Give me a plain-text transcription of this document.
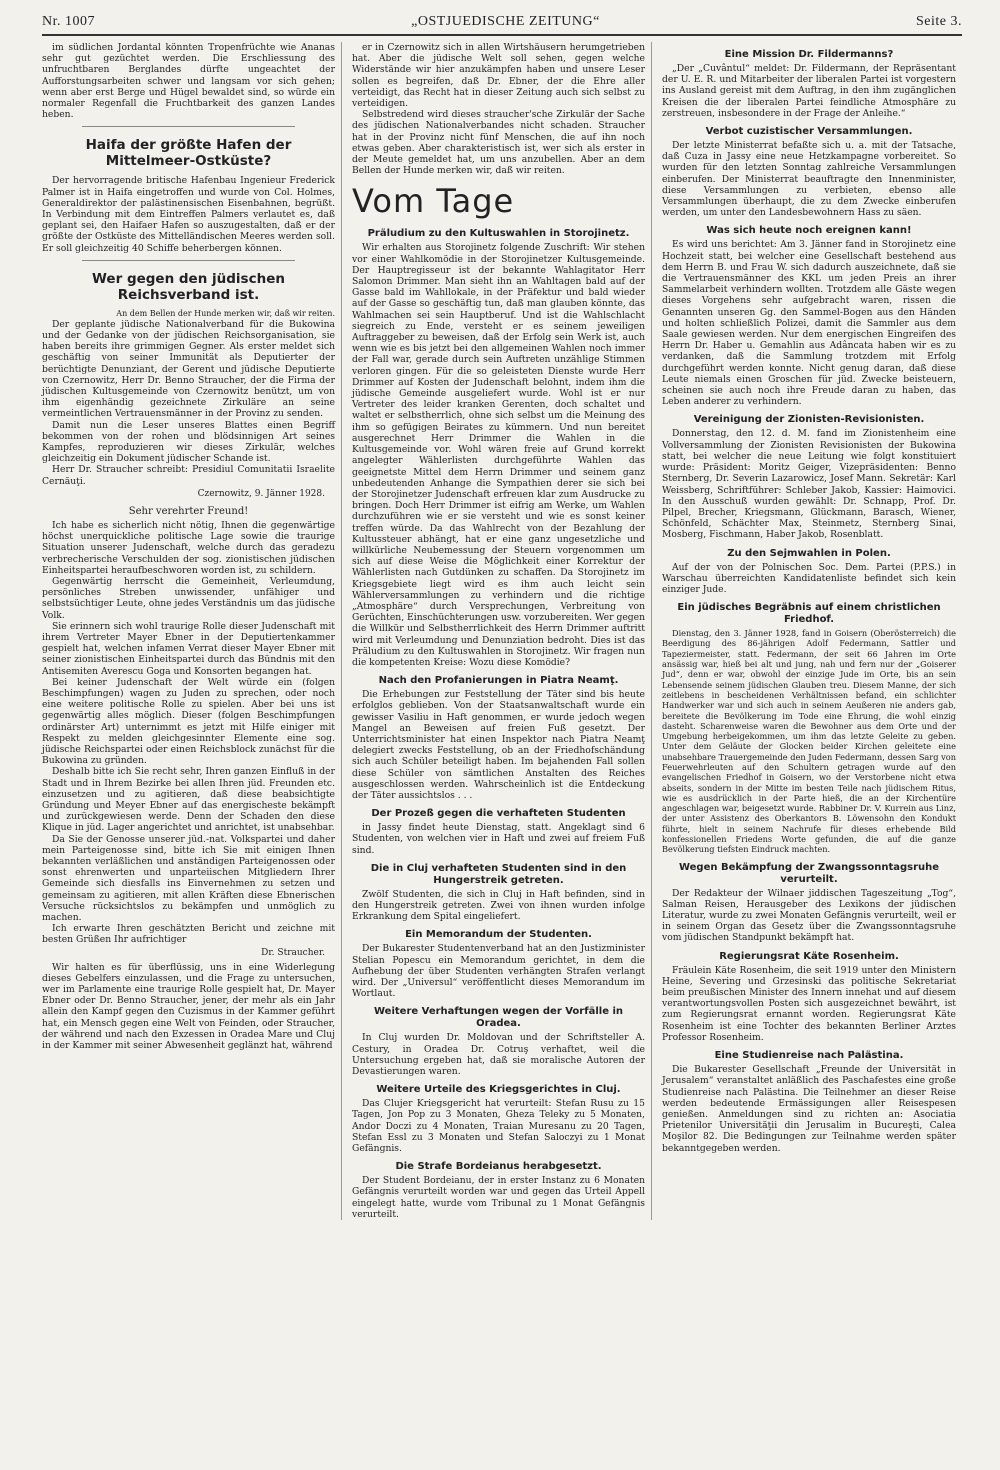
Nr. 1007	„OSTJUEDISCHE ZEITUNG“	Seite 3.

im südlichen Jordantal könnten Tropenfrüchte wie Ananas sehr gut gezüchtet werden. Die Erschliessung des unfruchtbaren Berglandes dürfte ungeachtet der Aufforstungsarbeiten schwer und langsam vor sich gehen; wenn aber erst Berge und Hügel bewaldet sind, so würde ein normaler Regenfall die Fruchtbarkeit des ganzen Landes heben.

Haifa der größte Hafen der Mittelmeer-Ostküste?

Der hervorragende britische Hafenbau Ingenieur Frederick Palmer ist in Haifa eingetroffen und wurde von Col. Holmes, Generaldirektor der palästinensischen Eisenbahnen, begrüßt. In Verbindung mit dem Eintreffen Palmers verlautet es, daß geplant sei, den Haifaer Hafen so auszugestalten, daß er der größte der Ostküste des Mittelländischen Meeres werden soll. Er soll gleichzeitig 40 Schiffe beherbergen können.

Wer gegen den jüdischen Reichsverband ist.
An dem Bellen der Hunde merken wir, daß wir reiten.

Der geplante jüdische Nationalverband für die Bukowina und der Gedanke von der jüdischen Reichsorganisation, sie haben bereits ihre grimmigen Gegner. Als erster meldet sich geschäftig von seiner Immunität als Deputierter der berüchtigte Denunziant, der Gerent und jüdische Deputierte von Czernowitz, Herr Dr. Benno Straucher, der die Firma der jüdischen Kultusgemeinde von Czernowitz benützt, um von ihm eigenhändig gezeichnete Zirkuläre an seine vermeintlichen Vertrauensmänner in der Provinz zu senden.

Damit nun die Leser unseres Blattes einen Begriff bekommen von der rohen und blödsinnigen Art seines Kampfes, reproduzieren wir dieses Zirkulär, welches gleichzeitig ein Dokument jüdischer Schande ist.

Herr Dr. Straucher schreibt: Presidiul Comunitatii Israelite Cernăuţi.

Czernowitz, 9. Jänner 1928.
Sehr verehrter Freund!

Ich habe es sicherlich nicht nötig, Ihnen die gegenwärtige höchst unerquickliche politische Lage sowie die traurige Situation unserer Judenschaft, welche durch das geradezu verbrecherische Verschulden der sog. zionistischen jüdischen Einheitspartei heraufbeschworen worden ist, zu schildern.

Gegenwärtig herrscht die Gemeinheit, Verleumdung, persönliches Streben unwissender, unfähiger und selbstsüchtiger Leute, ohne jedes Verständnis um das jüdische Volk.

Sie erinnern sich wohl traurige Rolle dieser Judenschaft mit ihrem Vertreter Mayer Ebner in der Deputiertenkammer gespielt hat, welchen infamen Verrat dieser Mayer Ebner mit seiner zionistischen Einheitspartei durch das Bündnis mit den Antisemiten Averescu Goga und Konsorten begangen hat.

Bei keiner Judenschaft der Welt würde ein (folgen Beschimpfungen) wagen zu Juden zu sprechen, oder noch eine weitere politische Rolle zu spielen. Aber bei uns ist gegenwärtig alles möglich. Dieser (folgen Beschimpfungen ordinärster Art) unternimmt es jetzt mit Hilfe einiger mit Respekt zu melden gleichgesinnter Elemente eine sog. jüdische Reichspartei oder einen Reichsblock zunächst für die Bukowina zu gründen.

Deshalb bitte ich Sie recht sehr, Ihren ganzen Einfluß in der Stadt und in Ihrem Bezirke bei allen Ihren jüd. Freunden etc. einzusetzen und zu agitieren, daß diese beabsichtigte Gründung und Meyer Ebner auf das energischeste bekämpft und zurückgewiesen werde. Denn der Schaden den diese Klique in jüd. Lager angerichtet und anrichtet, ist unabsehbar.

Da Sie der Genosse unserer jüd.-nat. Volkspartei und daher mein Parteigenosse sind, bitte ich Sie mit einigen Ihnen bekannten verläßlichen und anständigen Parteigenossen oder sonst ehrenwerten und unparteiischen Mitgliedern Ihrer Gemeinde sich diesfalls ins Einvernehmen zu setzen und gemeinsam zu agitieren, mit allen Kräften diese Ebnerischen Versuche rücksichtslos zu bekämpfen und unmöglich zu machen.

Ich erwarte Ihren geschätzten Bericht und zeichne mit besten Grüßen Ihr aufrichtiger

Dr. Straucher.

Wir halten es für überflüssig, uns in eine Widerlegung dieses Gebelfers einzulassen, und die Frage zu untersuchen, wer im Parlamente eine traurige Rolle gespielt hat, Dr. Mayer Ebner oder Dr. Benno Straucher, jener, der mehr als ein Jahr allein den Kampf gegen den Cuzismus in der Kammer geführt hat, ein Mensch gegen eine Welt von Feinden, oder Straucher, der während und nach den Exzessen in Oradea Mare und Cluj in der Kammer mit seiner Abwesenheit geglänzt hat, während

er in Czernowitz sich in allen Wirtshäusern herumgetrieben hat. Aber die jüdische Welt soll sehen, gegen welche Widerstände wir hier anzukämpfen haben und unsere Leser sollen es begreifen, daß Dr. Ebner, der die Ehre aller verteidigt, das Recht hat in dieser Zeitung auch sich selbst zu verteidigen.

Selbstredend wird dieses straucher'sche Zirkulär der Sache des jüdischen Nationalverbandes nicht schaden. Straucher hat in der Provinz nicht fünf Menschen, die auf ihn noch etwas geben. Aber charakteristisch ist, wer sich als erster in der Meute gemeldet hat, um uns anzubellen. Aber an dem Bellen der Hunde merken wir, daß wir reiten.

Vom Tage
Präludium zu den Kultuswahlen in Storojinetz.

Wir erhalten aus Storojinetz folgende Zuschrift: Wir stehen vor einer Wahlkomödie in der Storojinetzer Kultusgemeinde. Der Hauptregisseur ist der bekannte Wahlagitator Herr Salomon Drimmer. Man sieht ihn an Wahltagen bald auf der Gasse bald im Wahllokale, in der Präfektur und bald wieder auf der Gasse so geschäftig tun, daß man glauben könnte, das Wahlmachen sei sein Hauptberuf. Und ist die Wahlschlacht siegreich zu Ende, versteht er es seinem jeweiligen Auftraggeber zu beweisen, daß der Erfolg sein Werk ist, auch wenn wie es bis jetzt bei den allgemeinen Wahlen noch immer der Fall war, gerade durch sein Auftreten unzählige Stimmen verloren gingen. Für die so geleisteten Dienste wurde Herr Drimmer auf Kosten der Judenschaft belohnt, indem ihm die jüdische Gemeinde ausgeliefert wurde. Wohl ist er nur Vertreter des leider kranken Gerenten, doch schaltet und waltet er selbstherrlich, ohne sich selbst um die Meinung des ihm so gefügigen Beirates zu kümmern. Und nun bereitet ausgerechnet Herr Drimmer die Wahlen in die Kultusgemeinde vor. Wohl wären freie auf Grund korrekt angelegter Wählerlisten durchgeführte Wahlen das geeignetste Mittel dem Herrn Drimmer und seinem ganz unbedeutenden Anhange die Sympathien derer sie sich bei der Storojinetzer Judenschaft erfreuen klar zum Ausdrucke zu bringen. Doch Herr Drimmer ist eifrig am Werke, um Wahlen durchzuführen wie er sie versteht und wie es sonst keiner treffen würde. Da das Wahlrecht von der Bezahlung der Kultussteuer abhängt, hat er eine ganz ungesetzliche und willkürliche Neubemessung der Steuern vorgenommen um sich auf diese Weise die Möglichkeit einer Korrektur der Wählerlisten nach Gutdünken zu schaffen. Da Storojinetz im Kriegsgebiete liegt wird es ihm auch leicht sein Wählerversammlungen zu verhindern und die richtige „Atmosphäre“ durch Versprechungen, Verbreitung von Gerüchten, Einschüchterungen usw. vorzubereiten. Wer gegen die Willkür und Selbstherrlichkeit des Herrn Drimmer auftritt wird mit Verleumdung und Denunziation bedroht. Dies ist das Präludium zu den Kultuswahlen in Storojinetz. Wir fragen nun die kompetenten Kreise: Wozu diese Komödie?

Nach den Profanierungen in Piatra Neamţ.

Die Erhebungen zur Feststellung der Täter sind bis heute erfolglos geblieben. Von der Staatsanwaltschaft wurde ein gewisser Vasiliu in Haft genommen, er wurde jedoch wegen Mangel an Beweisen auf freien Fuß gesetzt. Der Unterrichtsminister hat einen Inspektor nach Piatra Neamţ delegiert zwecks Feststellung, ob an der Friedhofschändung sich auch Schüler beteiligt haben. Im bejahenden Fall sollen diese Schüler von sämtlichen Anstalten des Reiches ausgeschlossen werden. Wahrscheinlich ist die Entdeckung der Täter aussichtslos . . .

Der Prozeß gegen die verhafteten Studenten

in Jassy findet heute Dienstag, statt. Angeklagt sind 6 Studenten, von welchen vier in Haft und zwei auf freiem Fuß sind.

Die in Cluj verhafteten Studenten sind in den Hungerstreik getreten.

Zwölf Studenten, die sich in Cluj in Haft befinden, sind in den Hungerstreik getreten. Zwei von ihnen wurden infolge Erkrankung dem Spital eingeliefert.

Ein Memorandum der Studenten.

Der Bukarester Studentenverband hat an den Justizminister Stelian Popescu ein Memorandum gerichtet, in dem die Aufhebung der über Studenten verhängten Strafen verlangt wird. Der „Universul“ veröffentlicht dieses Memorandum im Wortlaut.

Weitere Verhaftungen wegen der Vorfälle in Oradea.

In Cluj wurden Dr. Moldovan und der Schriftsteller A. Cestury, in Oradea Dr. Cotruş verhaftet, weil die Untersuchung ergeben hat, daß sie moralische Autoren der Devastierungen waren.

Weitere Urteile des Kriegsgerichtes in Cluj.

Das Clujer Kriegsgericht hat verurteilt: Stefan Rusu zu 15 Tagen, Jon Pop zu 3 Monaten, Gheza Teleky zu 5 Monaten, Andor Doczi zu 4 Monaten, Traian Muresanu zu 20 Tagen, Stefan Essl zu 3 Monaten und Stefan Saloczyi zu 1 Monat Gefängnis.

Die Strafe Bordeianus herabgesetzt.

Der Student Bordeianu, der in erster Instanz zu 6 Monaten Gefängnis verurteilt worden war und gegen das Urteil Appell eingelegt hatte, wurde vom Tribunal zu 1 Monat Gefängnis verurteilt.

Eine Mission Dr. Fildermanns?

„Der „Cuvântul“ meldet: Dr. Fildermann, der Repräsentant der U. E. R. und Mitarbeiter der liberalen Partei ist vorgestern ins Ausland gereist mit dem Auftrag, in den ihm zugänglichen Kreisen die der liberalen Partei feindliche Atmosphäre zu zerstreuen, insbesondere in der Frage der Anleihe.“

Verbot cuzistischer Versammlungen.

Der letzte Ministerrat befaßte sich u. a. mit der Tatsache, daß Cuza in Jassy eine neue Hetzkampagne vorbereitet. So wurden für den letzten Sonntag zahlreiche Versammlungen einberufen. Der Ministerrat beauftragte den Innenminister, diese Versammlungen zu verbieten, ebenso alle Versammlungen überhaupt, die zu dem Zwecke einberufen werden, um unter den Landesbewohnern Hass zu säen.

Was sich heute noch ereignen kann!

Es wird uns berichtet: Am 3. Jänner fand in Storojinetz eine Hochzeit statt, bei welcher eine Gesellschaft bestehend aus dem Herrn B. und Frau W. sich dadurch auszeichnete, daß sie die Vertrauensmänner des KKL um jeden Preis an ihrer Sammelarbeit verhindern wollten. Trotzdem alle Gäste wegen dieses Vorgehens sehr aufgebracht waren, rissen die Genannten unseren Gg. den Sammel-Bogen aus den Händen und holten schließlich Polizei, damit die Sammler aus dem Saale gewiesen werden. Nur dem energischen Eingreifen des Herrn Dr. Haber u. Gemahlin aus Adâncata haben wir es zu verdanken, daß die Sammlung trotzdem mit Erfolg durchgeführt werden konnte. Nicht genug daran, daß diese Leute niemals einen Groschen für jüd. Zwecke beisteuern, scheinen sie auch noch ihre Freude daran zu haben, das Leben anderer zu verhindern.

Vereinigung der Zionisten-Revisionisten.

Donnerstag, den 12. d. M. fand im Zionistenheim eine Vollversammlung der Zionisten Revisionisten der Bukowina statt, bei welcher die neue Leitung wie folgt konstituiert wurde: Präsident: Moritz Geiger, Vizepräsidenten: Benno Sternberg, Dr. Severin Lazarowicz, Josef Mann. Sekretär: Karl Weissberg, Schriftführer: Schleber Jakob, Kassier: Haimovici. In den Ausschuß wurden gewählt: Dr. Schnapp, Prof. Dr. Pilpel, Brecher, Kriegsmann, Glückmann, Barasch, Wiener, Schönfeld, Schächter Max, Steinmetz, Sternberg Sinai, Mosberg, Fischmann, Haber Jakob, Rosenblatt.

Zu den Sejmwahlen in Polen.

Auf der von der Polnischen Soc. Dem. Partei (P.P.S.) in Warschau überreichten Kandidatenliste befindet sich kein einziger Jude.

Ein jüdisches Begräbnis auf einem christlichen Friedhof.

Dienstag, den 3. Jänner 1928, fand in Goisern (Oberösterreich) die Beerdigung des 86-jährigen Adolf Federmann, Sattler und Tapeziermeister, statt. Federmann, der seit 66 Jahren im Orte ansässig war, hieß bei alt und jung, nah und fern nur der „Goiserer Jud“, denn er war, obwohl der einzige Jude im Orte, bis an sein Lebensende seinem jüdischen Glauben treu. Diesem Manne, der sich zeitlebens in bescheidenen Verhältnissen befand, ein schlichter Handwerker war und sich auch in seinem Aeußeren nie anders gab, bereitete die Bevölkerung im Tode eine Ehrung, die wohl einzig dasteht. Scharenweise waren die Bewohner aus dem Orte und der Umgebung herbeigekommen, um ihm das letzte Geleite zu geben. Unter dem Geläute der Glocken beider Kirchen geleitete eine unabsehbare Trauergemeinde den Juden Federmann, dessen Sarg von Feuerwehrleuten auf den Schultern getragen wurde auf den evangelischen Friedhof in Goisern, wo der Verstorbene nicht etwa abseits, sondern in der Mitte im besten Teile nach jüdischem Ritus, wie es ausdrücklich in der Parte hieß, die an der Kirchentüre angeschlagen war, beigesetzt wurde. Rabbiner Dr. V. Kurrein aus Linz, der unter Assistenz des Oberkantors B. Löwensohn den Kondukt führte, hielt in seinem Nachrufe für dieses erhebende Bild konfessionellen Friedens Worte gefunden, die auf die ganze Bevölkerung tiefsten Eindruck machten.

Wegen Bekämpfung der Zwangssonntagsruhe verurteilt.

Der Redakteur der Wilnaer jiddischen Tageszeitung „Tog“, Salman Reisen, Herausgeber des Lexikons der jüdischen Literatur, wurde zu zwei Monaten Gefängnis verurteilt, weil er in seinem Organ das Gesetz über die Zwangssonntagsruhe vom jüdischen Standpunkt bekämpft hat.

Regierungsrat Käte Rosenheim.

Fräulein Käte Rosenheim, die seit 1919 unter den Ministern Heine, Severing und Grzesinski das politische Sekretariat beim preußischen Minister des Innern innehat und auf diesem verantwortungsvollen Posten sich ausgezeichnet bewährt, ist zum Regierungsrat ernannt worden. Regierungsrat Käte Rosenheim ist eine Tochter des bekannten Berliner Arztes Professor Rosenheim.

Eine Studienreise nach Palästina.

Die Bukarester Gesellschaft „Freunde der Universität in Jerusalem“ veranstaltet anläßlich des Paschafestes eine große Studienreise nach Palästina. Die Teilnehmer an dieser Reise werden bedeutende Ermässigungen aller Reisespesen genießen. Anmeldungen sind zu richten an: Asociatia Prietenilor Universităţii din Jerusalim in Bucureşti, Calea Moşilor 82. Die Bedingungen zur Teilnahme werden später bekanntgegeben werden.
